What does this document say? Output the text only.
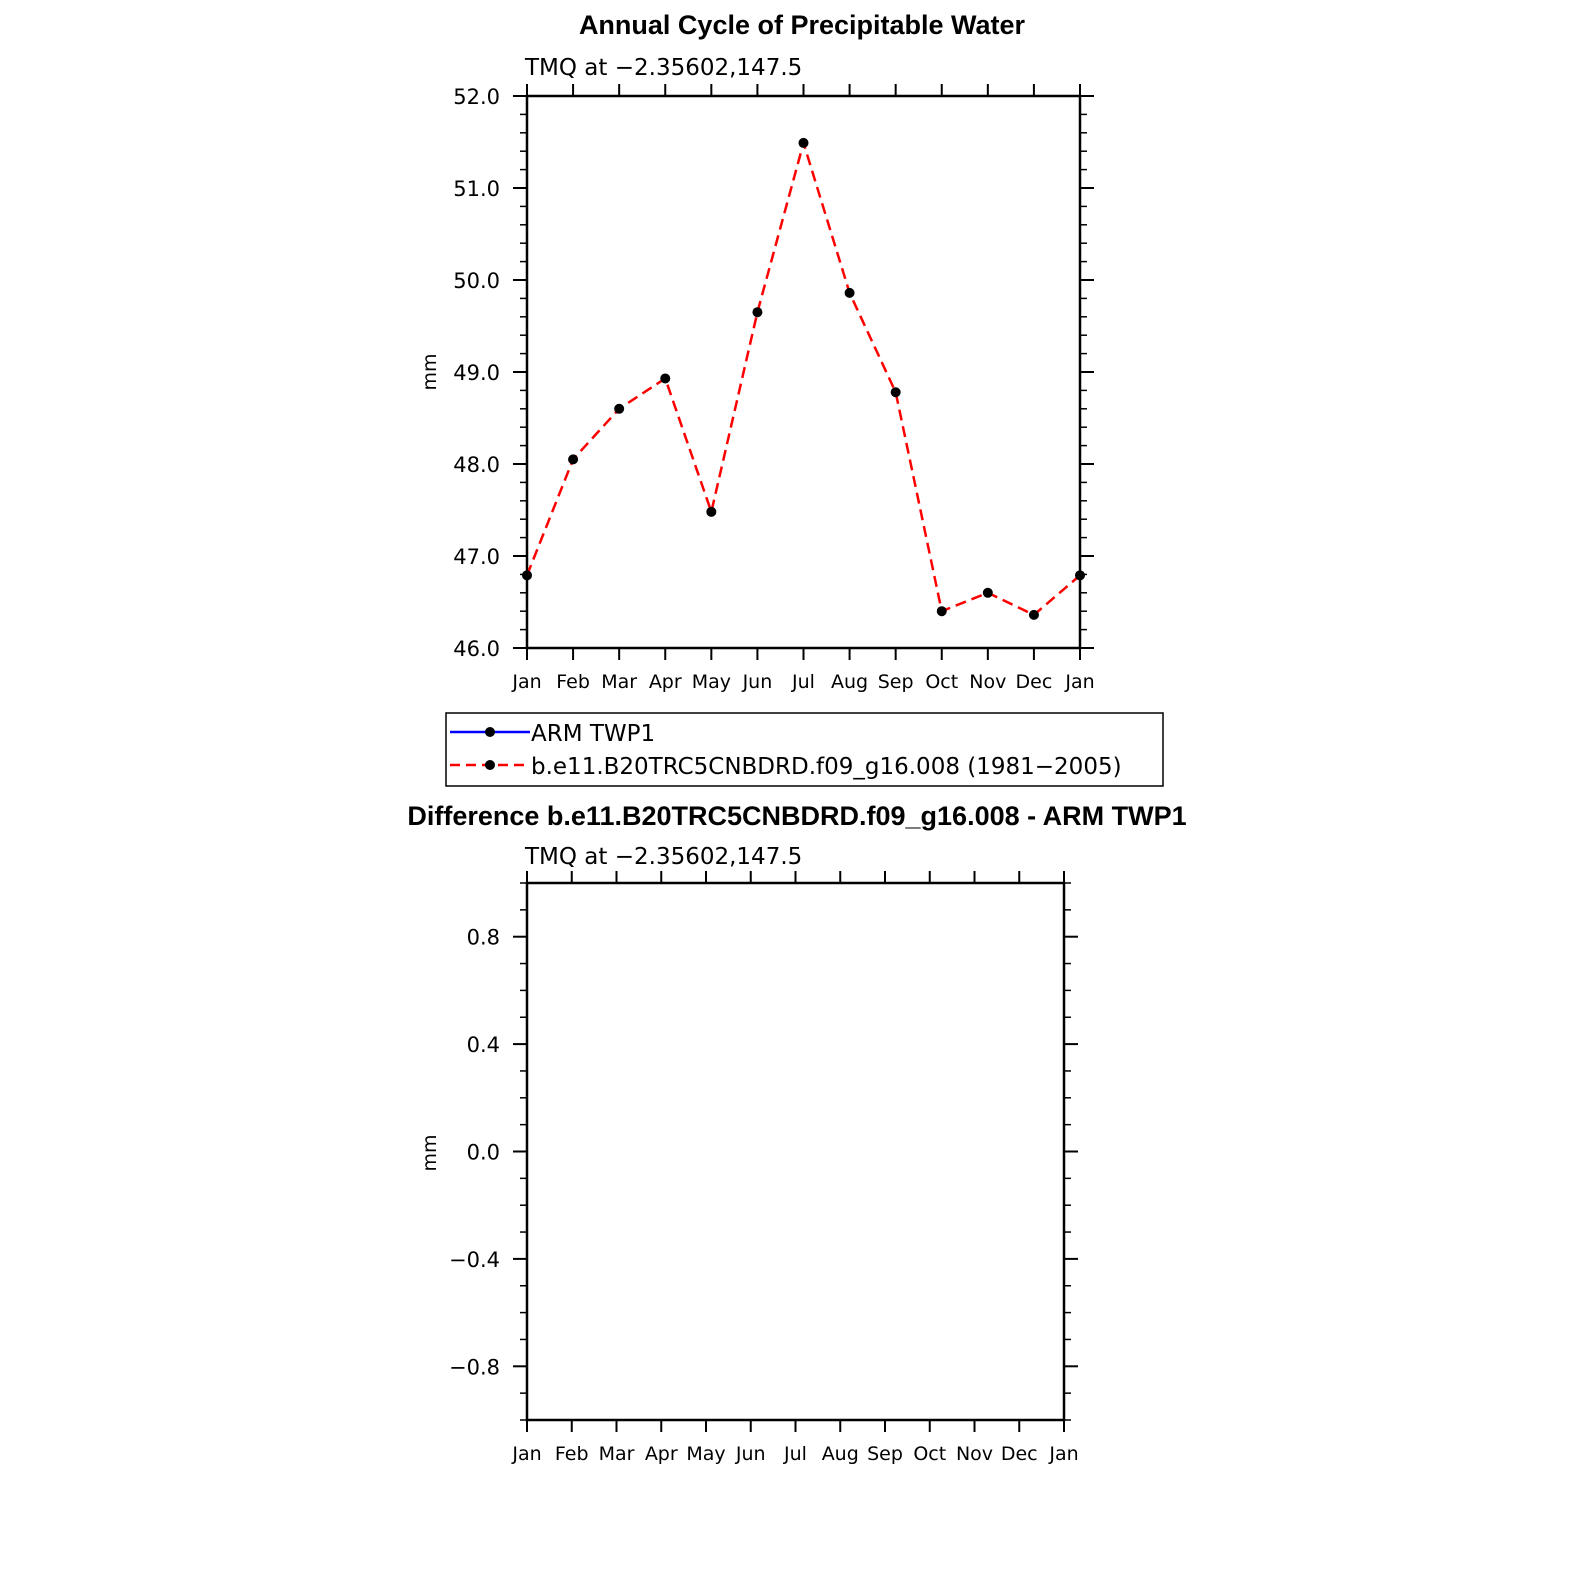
Annual Cycle of Precipitable Water
TMQ at −2.35602,147.5
mm
Jan Feb Mar Apr May Jun Jul Aug Sep Oct Nov Dec Jan
52.0
51.0
50.0
49.0
48.0
47.0
46.0
ARM TWP1
b.e11.B20TRC5CNBDRD.f09_g16.008 (1981−2005)
Difference b.e11.B20TRC5CNBDRD.f09_g16.008 - ARM TWP1
TMQ at −2.35602,147.5
mm
Jan Feb Mar Apr May Jun Jul Aug Sep Oct Nov Dec Jan
0.8
0.4
0.0
−0.4
−0.8
